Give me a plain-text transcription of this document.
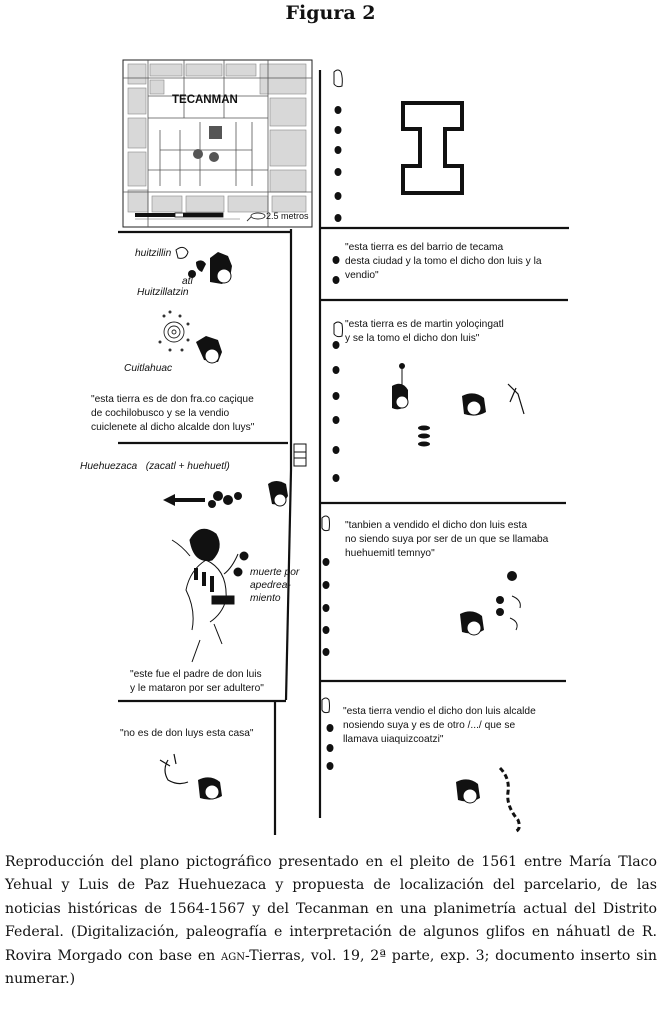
Figura 2
TECANMAN
2.5 metros
"esta tierra es del barrio de tecama
desta ciudad y la tomo el dicho don luis y la
vendio"
"esta tierra es de martin yoloçingatl
y se la tomo el dicho don luis"
"esta tierra es de don fra.co caçique
de cochilobusco y se la vendio
cuiclenete al dicho alcalde don luys"
"tanbien a vendido el dicho don luis esta
no siendo suya por ser de un que se llamaba
huehuemitl temnyo"
"este fue el padre de don luis
y le mataron por ser adultero"
"esta tierra vendio el dicho don luis alcalde
nosiendo suya y es de otro /.../ que se
llamava uiaquizcoatzi"
"no es de don luys esta casa"
huitzillin
atl
Huitzillatzin
Cuitlahuac
Huehuezaca   (zacatl + huehuetl)
muerte por
apedrea-
miento
Reproducción del plano pictográfico presentado en el pleito de 1561 entre María Tlaco Yehual y Luis de Paz Huehuezaca y propuesta de localización del parcelario, de las noticias históricas de 1564-1567 y del Tecanman en una planimetría actual del Distrito Federal. (Digitalización, paleografía e interpretación de algunos glifos en náhuatl de R. Rovira Morgado con base en agn-Tierras, vol. 19, 2ª parte, exp. 3; documento inserto sin numerar.)
